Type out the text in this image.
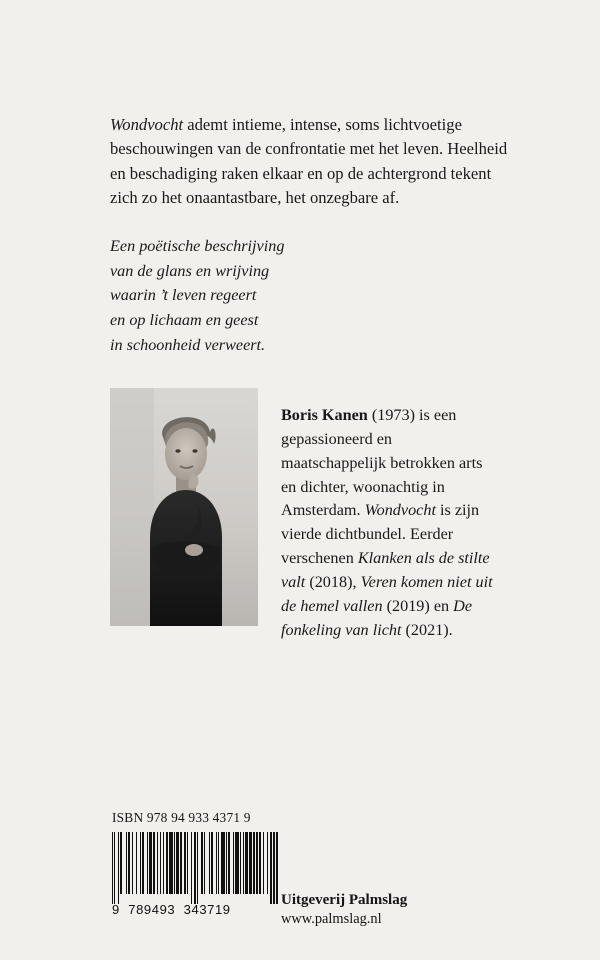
Wondvocht ademt intieme, intense, soms lichtvoetige beschouwingen van de confrontatie met het leven. Heelheid en beschadiging raken elkaar en op de achtergrond tekent zich zo het onaantastbare, het onzegbare af.

Een poëtische beschrijving
van de glans en wrijving
waarin ’t leven regeert
en op lichaam en geest
in schoonheid verweert.

Boris Kanen (1973) is een gepassioneerd en maatschappelijk betrokken arts en dichter, woonachtig in Amsterdam. Wondvocht is zijn vierde dichtbundel. Eerder verschenen Klanken als de stilte valt (2018), Veren komen niet uit de hemel vallen (2019) en De fonkeling van licht (2021).

ISBN 978 94 933 4371 9
9  789493  343719
Uitgeverij Palmslag
www.palmslag.nl
